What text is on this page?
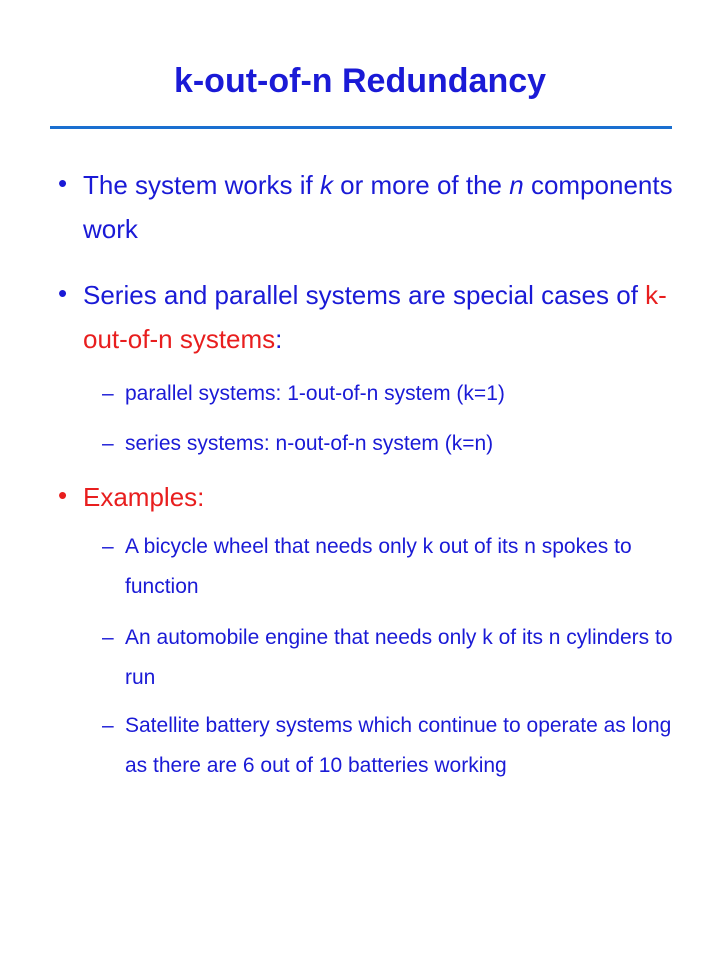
k-out-of-n Redundancy
• The system works if k or more of the n components work
• Series and parallel systems are special cases of k-out-of-n systems:
– parallel systems: 1-out-of-n system (k=1)
– series systems: n-out-of-n system (k=n)
• Examples:
– A bicycle wheel that needs only k out of its n spokes to function
– An automobile engine that needs only k of its n cylinders to run
– Satellite battery systems which continue to operate as long as there are 6 out of 10 batteries working
